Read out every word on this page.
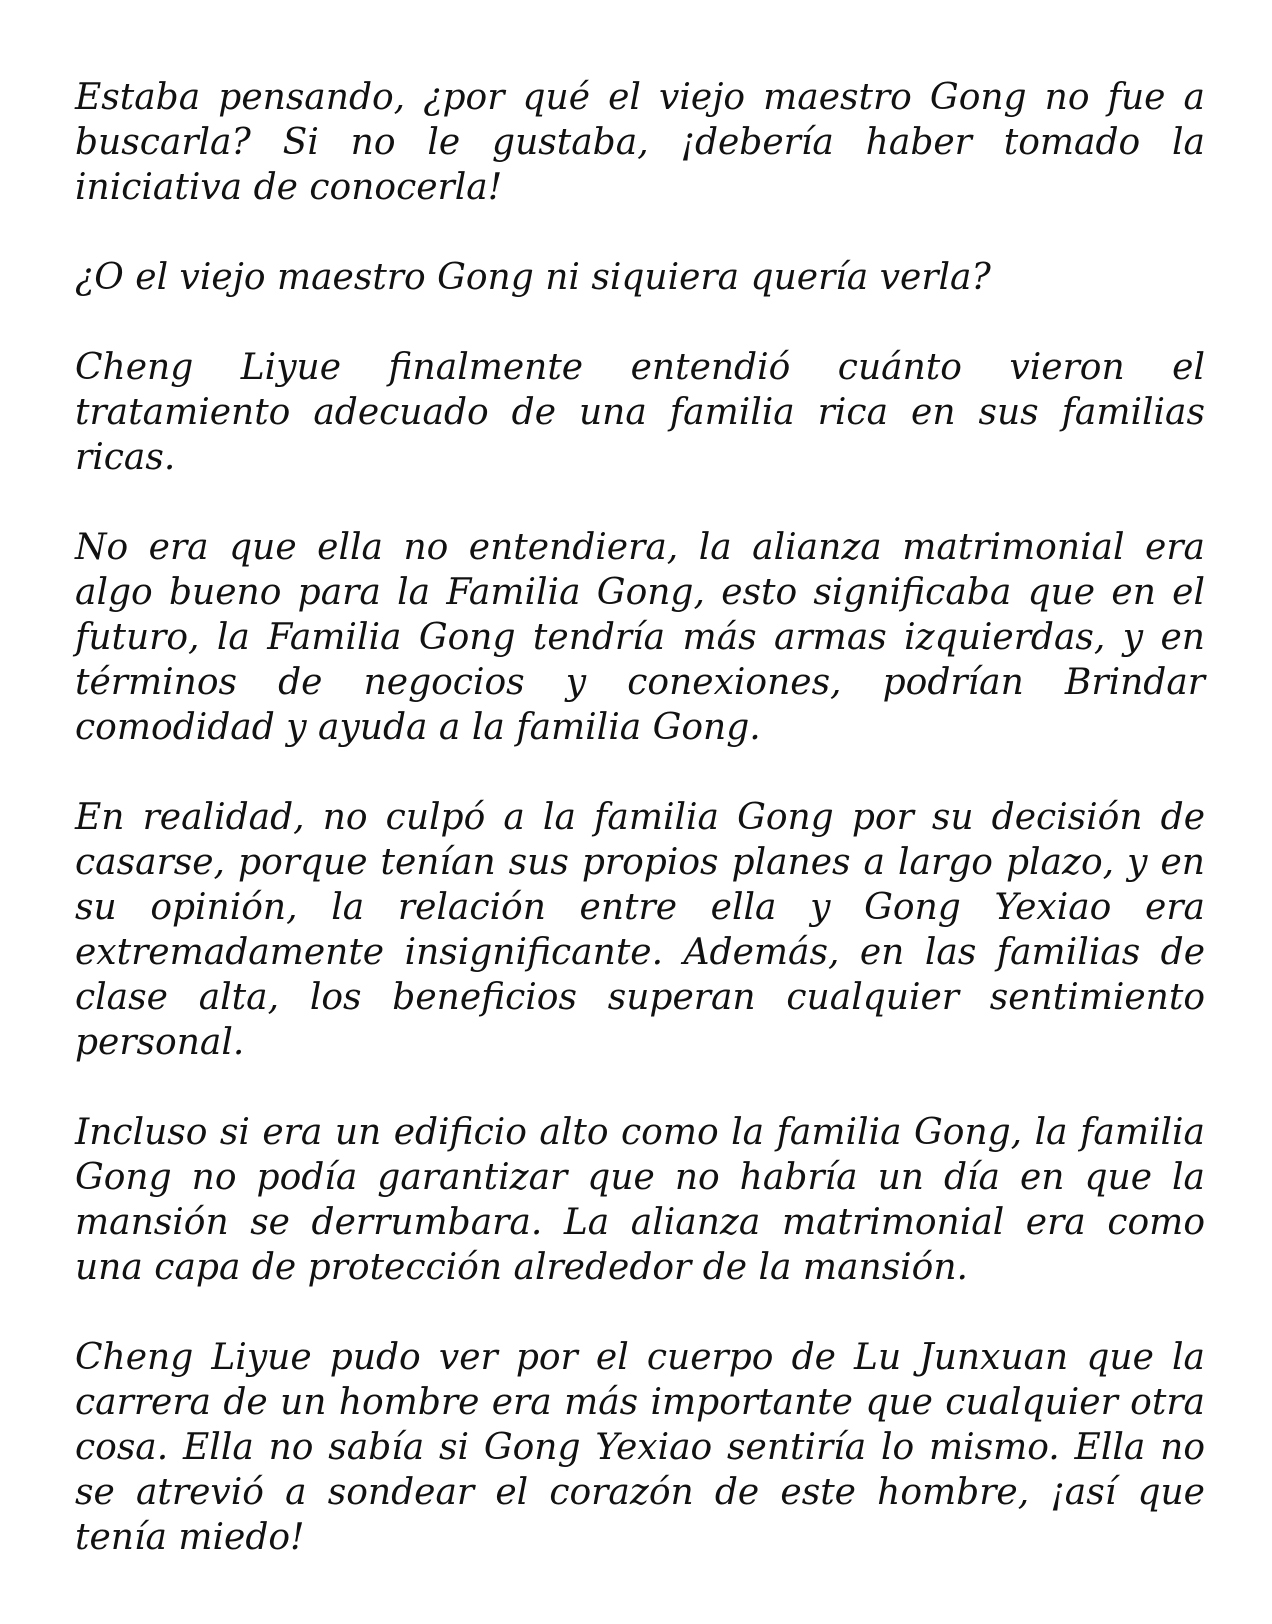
Estaba pensando, ¿por qué el viejo maestro Gong no fue a buscarla? Si no le gustaba, ¡debería haber tomado la iniciativa de conocerla!

¿O el viejo maestro Gong ni siquiera quería verla?

Cheng Liyue finalmente entendió cuánto vieron el tratamiento adecuado de una familia rica en sus familias ricas.

No era que ella no entendiera, la alianza matrimonial era algo bueno para la Familia Gong, esto significaba que en el futuro, la Familia Gong tendría más armas izquierdas, y en términos de negocios y conexiones, podrían Brindar comodidad y ayuda a la familia Gong.

En realidad, no culpó a la familia Gong por su decisión de casarse, porque tenían sus propios planes a largo plazo, y en su opinión, la relación entre ella y Gong Yexiao era extremadamente insignificante. Además, en las familias de clase alta, los beneficios superan cualquier sentimiento personal.

Incluso si era un edificio alto como la familia Gong, la familia Gong no podía garantizar que no habría un día en que la mansión se derrumbara. La alianza matrimonial era como una capa de protección alrededor de la mansión.

Cheng Liyue pudo ver por el cuerpo de Lu Junxuan que la carrera de un hombre era más importante que cualquier otra cosa. Ella no sabía si Gong Yexiao sentiría lo mismo. Ella no se atrevió a sondear el corazón de este hombre, ¡así que tenía miedo!
